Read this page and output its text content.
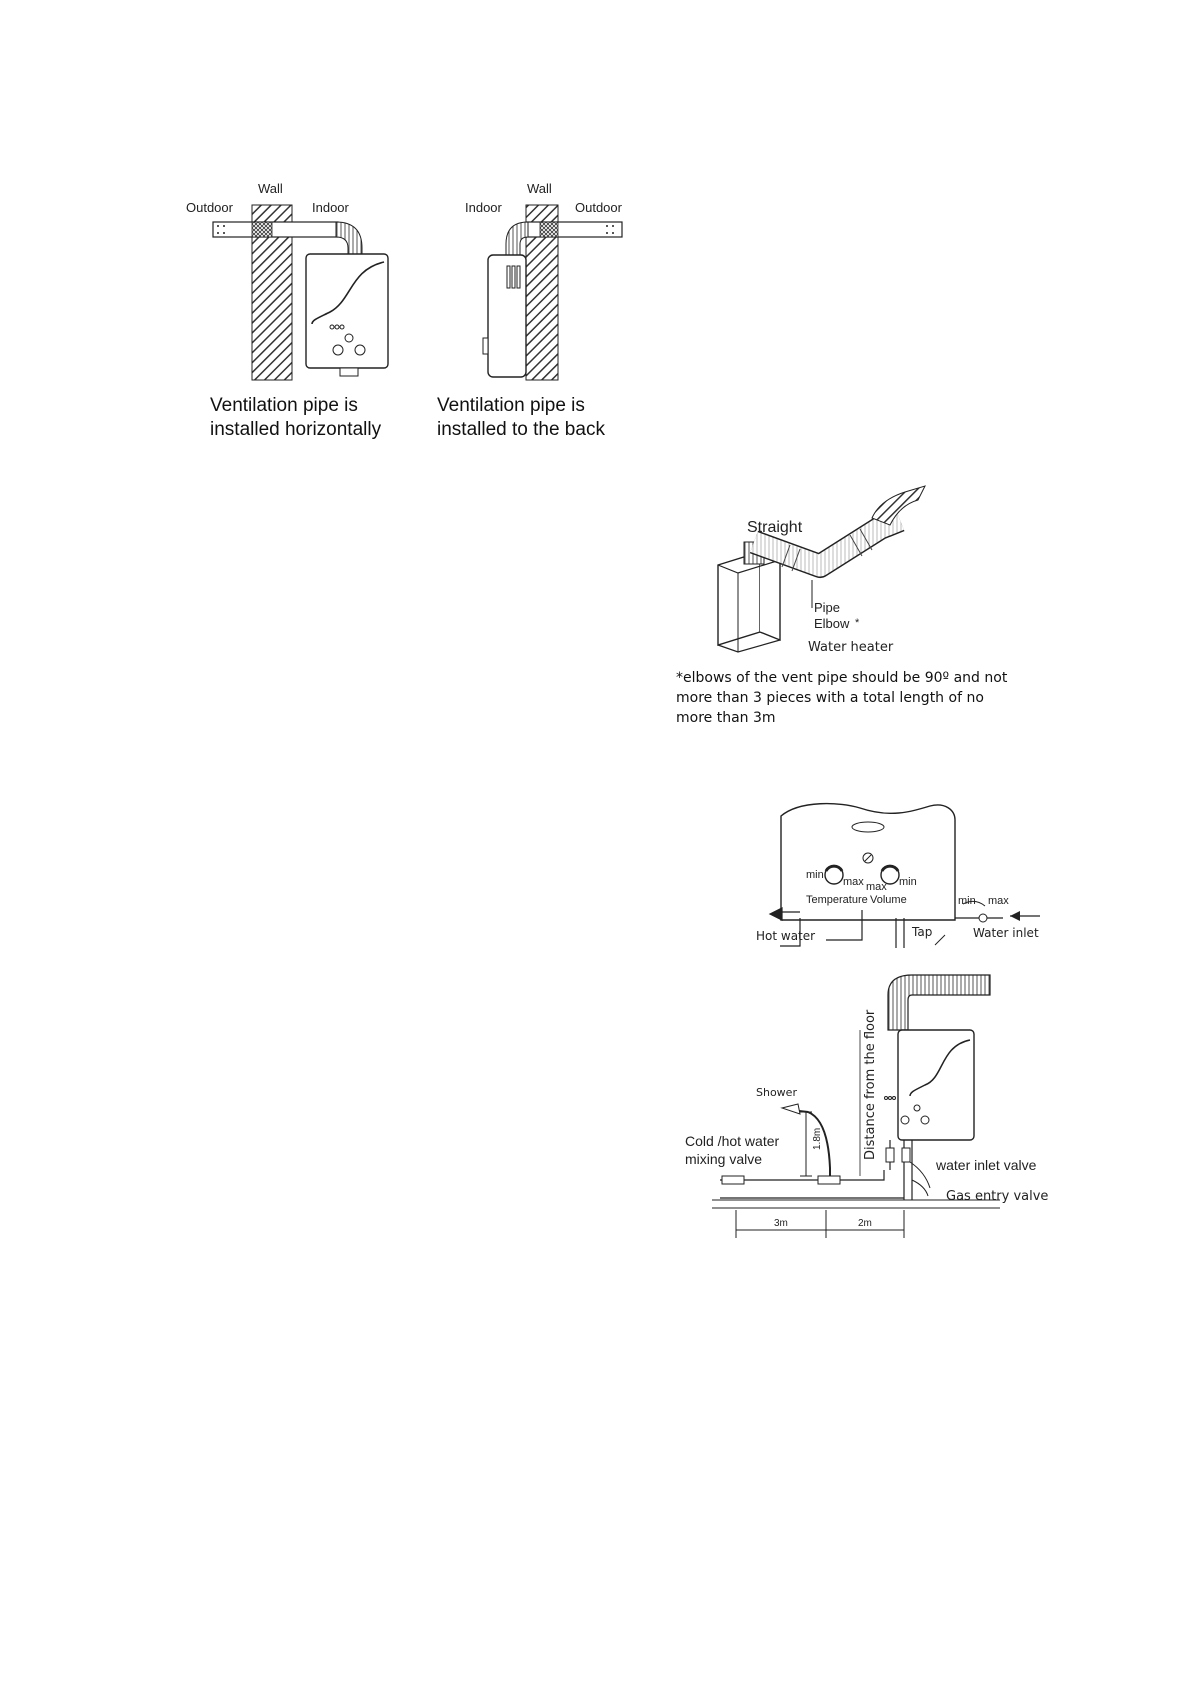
Wall
Outdoor	Indoor
Wall
Indoor	Outdoor
Straight
Pipe
Elbow *
Water heater
min
max max min
Temperature Volume	min max
Hot water	Tap	Water inlet
Shower
1.8m	Distance from the floor
Cold /hot water
mixing valve	water inlet valve
Gas entry valve
3m	2m
Ventilation pipe is
installed horizontally
Ventilation pipe is
installed to the back
*elbows of the vent pipe should be 90º and not more than 3 pieces with a total length of no more than 3m
